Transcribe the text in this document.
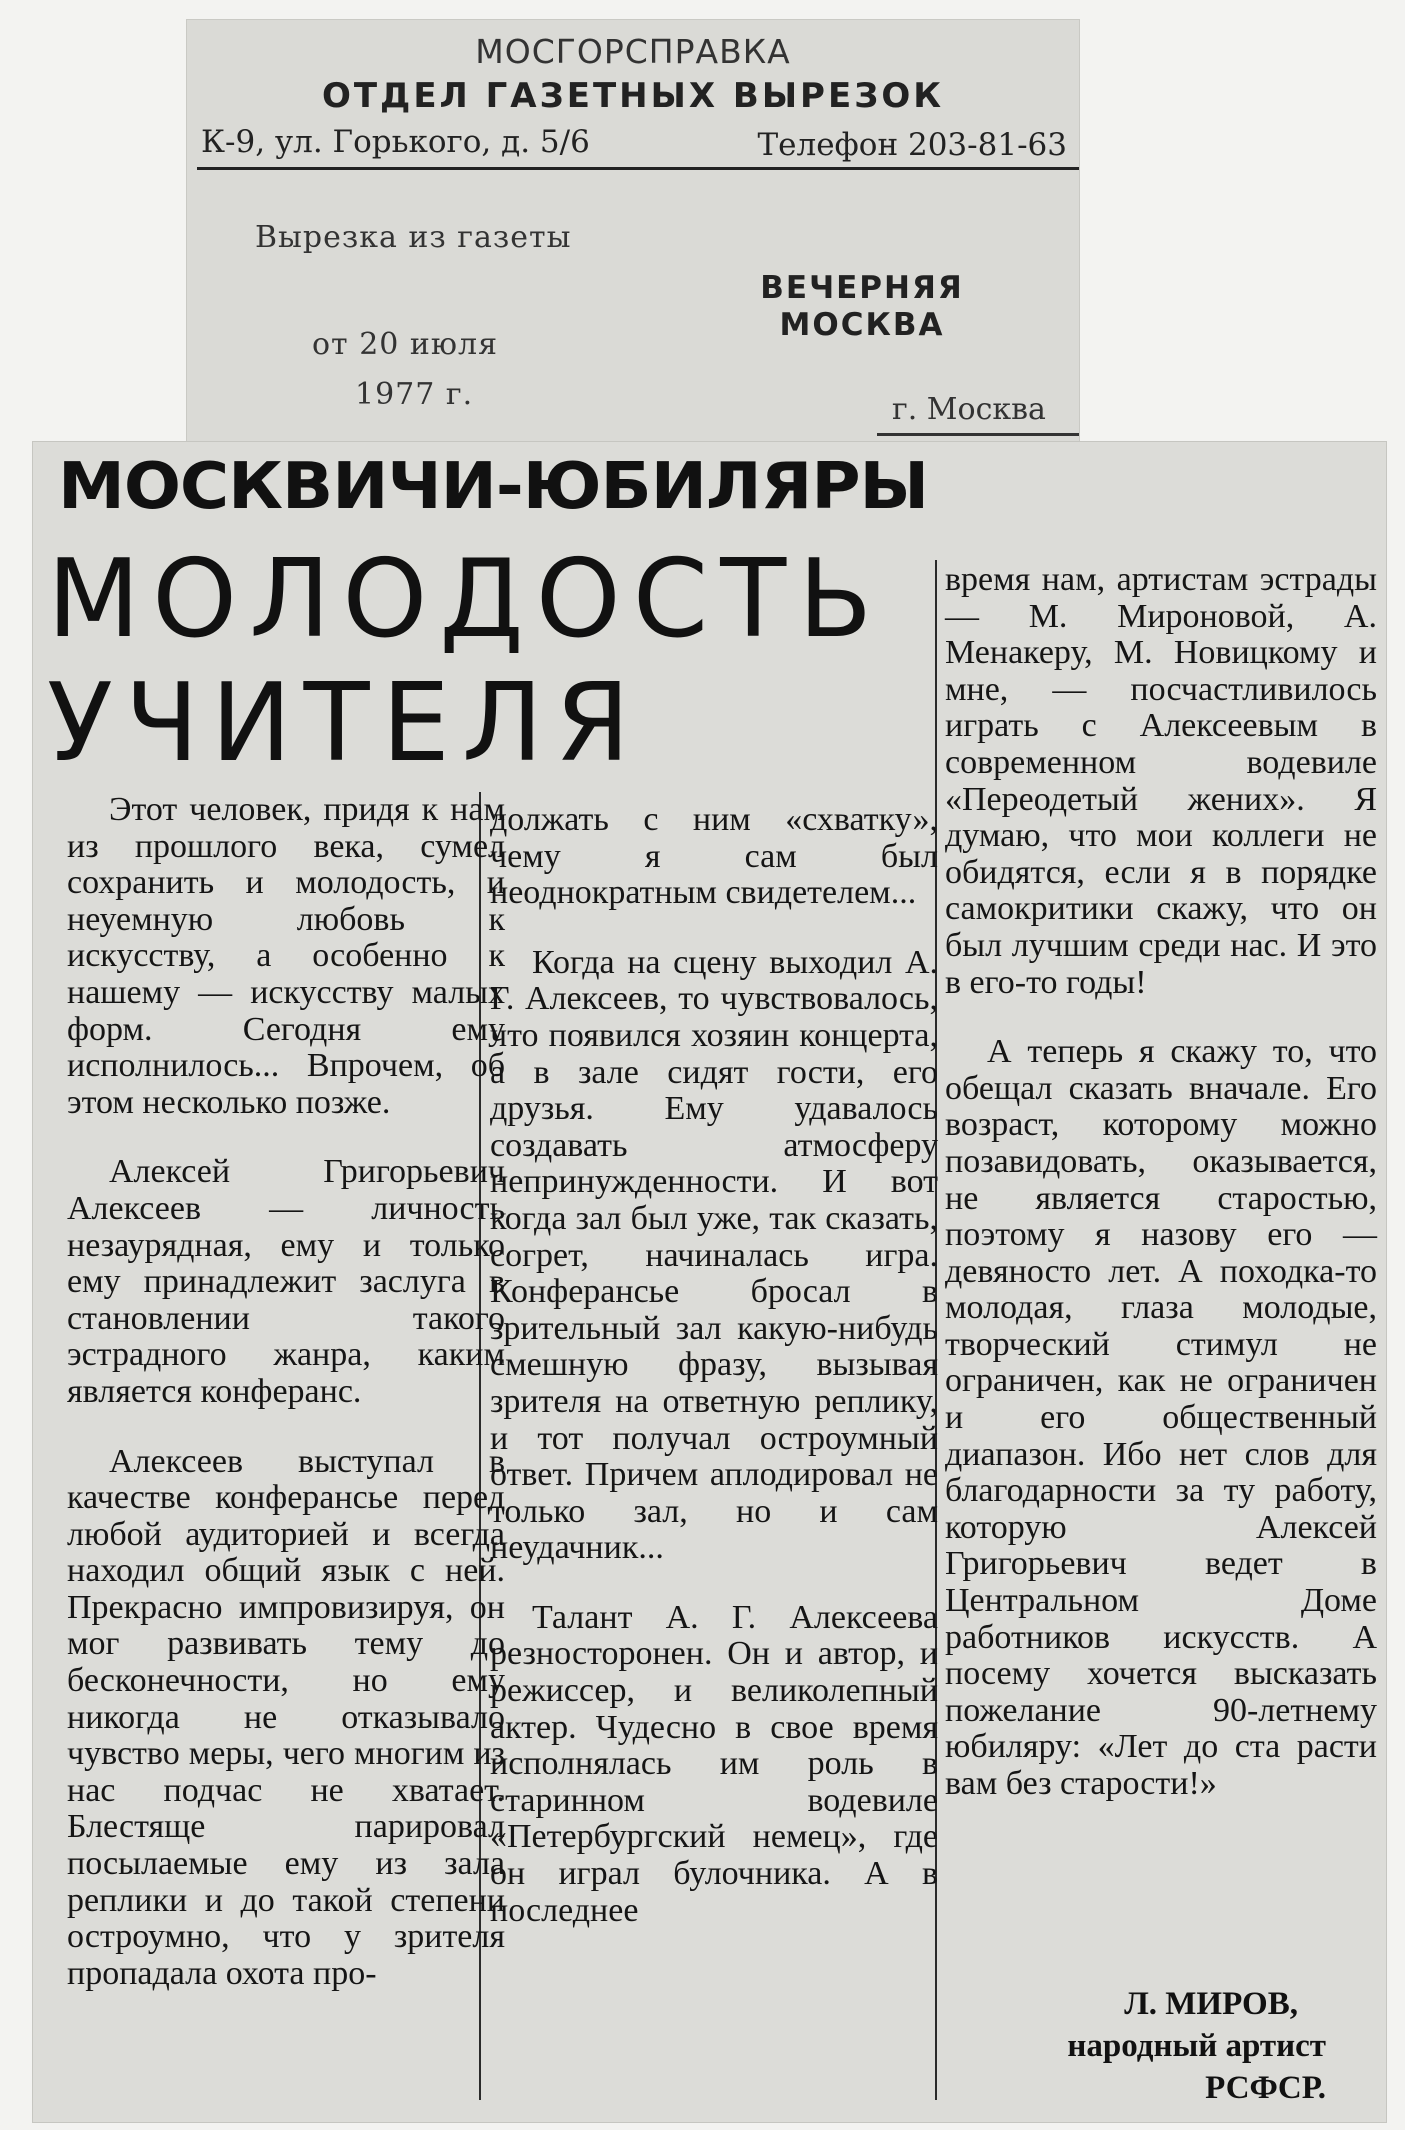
МОСГОРСПРАВКА
ОТДЕЛ ГАЗЕТНЫХ ВЫРЕЗОК
К-9, ул. Горького, д. 5/6	Телефон 203-81-63
Вырезка из газеты
ВЕЧЕРНЯЯ МОСКВА
от 20 июля
1977 г.	г. Москва
МОСКВИЧИ-ЮБИЛЯРЫ
МОЛОДОСТЬ
УЧИТЕЛЯ

Этот человек, придя к нам из прошлого века, сумел сохранить и молодость, и неуемную любовь к искусству, а особенно к нашему — искусству малых форм. Сегодня ему исполнилось... Впрочем, об этом несколько позже.

Алексей Григорьевич Алексеев — личность незаурядная, ему и только ему принадлежит заслуга в становлении такого эстрадного жанра, каким является конферанс.

Алексеев выступал в качестве конферансье перед любой аудиторией и всегда находил общий язык с ней. Прекрасно импровизируя, он мог развивать тему до бесконечности, но ему никогда не отказывало чувство меры, чего многим из нас подчас не хватает. Блестяще парировал посылаемые ему из зала реплики и до такой степени остроумно, что у зрителя пропадала охота про-

должать с ним «схватку», чему я сам был неоднократным свидетелем...

Когда на сцену выходил А. Г. Алексеев, то чувствовалось, что появился хозяин концерта, а в зале сидят гости, его друзья. Ему удавалось создавать атмосферу непринужденности. И вот когда зал был уже, так сказать, согрет, начиналась игра. Конферансье бросал в зрительный зал какую-нибудь смешную фразу, вызывая зрителя на ответную реплику, и тот получал остроумный ответ. Причем аплодировал не только зал, но и сам неудачник...

Талант А. Г. Алексеева резносторонен. Он и автор, и режиссер, и великолепный актер. Чудесно в свое время исполнялась им роль в старинном водевиле «Петербургский немец», где он играл булочника. А в последнее

время нам, артистам эстрады — М. Мироновой, А. Менакеру, М. Новицкому и мне, — посчастливилось играть с Алексеевым в современном водевиле «Переодетый жених». Я думаю, что мои коллеги не обидятся, если я в порядке самокритики скажу, что он был лучшим среди нас. И это в его-то годы!

А теперь я скажу то, что обещал сказать вначале. Его возраст, которому можно позавидовать, оказывается, не является старостью, поэтому я назову его — девяносто лет. А походка-то молодая, глаза молодые, творческий стимул не ограничен, как не ограничен и его общественный диапазон. Ибо нет слов для благодарности за ту работу, которую Алексей Григорьевич ведет в Центральном Доме работников искусств. А посему хочется высказать пожелание 90-летнему юбиляру: «Лет до ста расти вам без старости!»

Л. МИРОВ,
народный артист
РСФСР.
